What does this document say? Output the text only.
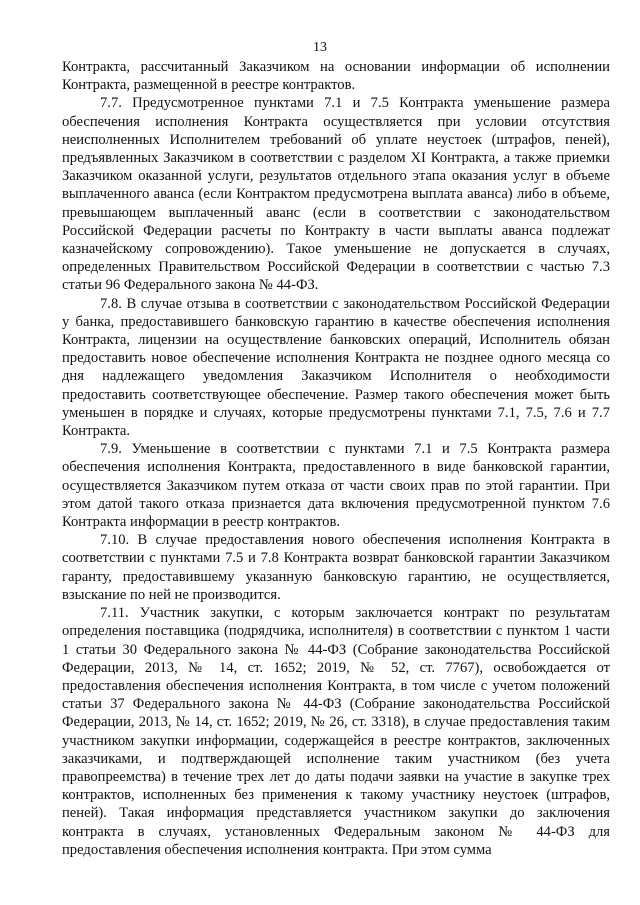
13

Контракта, рассчитанный Заказчиком на основании информации об исполнении Контракта, размещенной в реестре контрактов.

7.7. Предусмотренное пунктами 7.1 и 7.5 Контракта уменьшение размера обеспечения исполнения Контракта осуществляется при условии отсутствия неисполненных Исполнителем требований об уплате неустоек (штрафов, пеней), предъявленных Заказчиком в соответствии с разделом XI Контракта, а также приемки Заказчиком оказанной услуги, результатов отдельного этапа оказания услуг в объеме выплаченного аванса (если Контрактом предусмотрена выплата аванса) либо в объеме, превышающем выплаченный аванс (если в соответствии с законодательством Российской Федерации расчеты по Контракту в части выплаты аванса подлежат казначейскому сопровождению). Такое уменьшение не допускается в случаях, определенных Правительством Российской Федерации в соответствии с частью 7.3 статьи 96 Федерального закона № 44-ФЗ.

7.8. В случае отзыва в соответствии с законодательством Российской Федерации у банка, предоставившего банковскую гарантию в качестве обеспечения исполнения Контракта, лицензии на осуществление банковских операций, Исполнитель обязан предоставить новое обеспечение исполнения Контракта не позднее одного месяца со дня надлежащего уведомления Заказчиком Исполнителя о необходимости предоставить соответствующее обеспечение. Размер такого обеспечения может быть уменьшен в порядке и случаях, которые предусмотрены пунктами 7.1, 7.5, 7.6 и 7.7 Контракта.

7.9. Уменьшение в соответствии с пунктами 7.1 и 7.5 Контракта размера обеспечения исполнения Контракта, предоставленного в виде банковской гарантии, осуществляется Заказчиком путем отказа от части своих прав по этой гарантии. При этом датой такого отказа признается дата включения предусмотренной пунктом 7.6 Контракта информации в реестр контрактов.

7.10. В случае предоставления нового обеспечения исполнения Контракта в соответствии с пунктами 7.5 и 7.8 Контракта возврат банковской гарантии Заказчиком гаранту, предоставившему указанную банковскую гарантию, не осуществляется, взыскание по ней не производится.

7.11. Участник закупки, с которым заключается контракт по результатам определения поставщика (подрядчика, исполнителя) в соответствии с пунктом 1 части 1 статьи 30 Федерального закона № 44-ФЗ (Собрание законодательства Российской Федерации, 2013, № 14, ст. 1652; 2019, № 52, ст. 7767), освобождается от предоставления обеспечения исполнения Контракта, в том числе с учетом положений статьи 37 Федерального закона № 44-ФЗ (Собрание законодательства Российской Федерации, 2013, № 14, ст. 1652; 2019, № 26, ст. 3318), в случае предоставления таким участником закупки информации, содержащейся в реестре контрактов, заключенных заказчиками, и подтверждающей исполнение таким участником (без учета правопреемства) в течение трех лет до даты подачи заявки на участие в закупке трех контрактов, исполненных без применения к такому участнику неустоек (штрафов, пеней). Такая информация представляется участником закупки до заключения контракта в случаях, установленных Федеральным законом № 44-ФЗ для предоставления обеспечения исполнения контракта. При этом сумма
